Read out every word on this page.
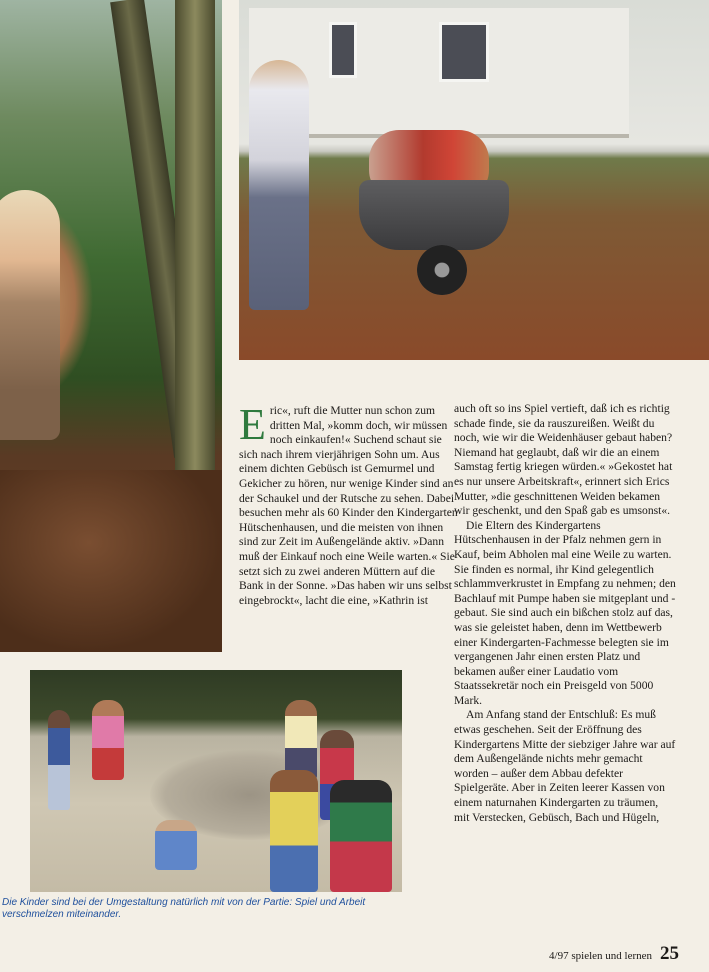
E ric«, ruft die Mutter nun schon zum dritten Mal, »komm doch, wir müssen noch einkaufen!« Suchend schaut sie sich nach ihrem vierjährigen Sohn um. Aus einem dichten Gebüsch ist Gemurmel und Gekicher zu hören, nur wenige Kinder sind an der Schaukel und der Rutsche zu sehen. Dabei besuchen mehr als 60 Kinder den Kindergarten Hütschenhausen, und die meisten von ihnen sind zur Zeit im Außengelände aktiv. »Dann muß der Einkauf noch eine Weile warten.« Sie setzt sich zu zwei anderen Müttern auf die Bank in der Sonne. »Das haben wir uns selbst eingebrockt«, lacht die eine, »Kathrin ist

auch oft so ins Spiel vertieft, daß ich es richtig schade finde, sie da rauszureißen. Weißt du noch, wie wir die Weidenhäuser gebaut haben? Niemand hat geglaubt, daß wir die an einem Samstag fertig kriegen würden.« »Gekostet hat es nur unsere Arbeitskraft«, erinnert sich Erics Mutter, »die geschnittenen Weiden bekamen wir geschenkt, und den Spaß gab es umsonst«.

Die Eltern des Kindergartens Hütschenhausen in der Pfalz nehmen gern in Kauf, beim Abholen mal eine Weile zu warten. Sie finden es normal, ihr Kind gelegentlich schlammverkrustet in Empfang zu nehmen; den Bachlauf mit Pumpe haben sie mitgeplant und -gebaut. Sie sind auch ein bißchen stolz auf das, was sie geleistet haben, denn im Wettbewerb einer Kindergarten-Fachmesse belegten sie im vergangenen Jahr einen ersten Platz und bekamen außer einer Laudatio vom Staatssekretär noch ein Preisgeld von 5000 Mark.

Am Anfang stand der Entschluß: Es muß etwas geschehen. Seit der Eröffnung des Kindergartens Mitte der siebziger Jahre war auf dem Außengelände nichts mehr gemacht worden – außer dem Abbau defekter Spielgeräte. Aber in Zeiten leerer Kassen von einem naturnahen Kindergarten zu träumen, mit Verstecken, Gebüsch, Bach und Hügeln,

Die Kinder sind bei der Umgestaltung natürlich mit von der Partie: Spiel und Arbeit verschmelzen miteinander.
4/97 spielen und lernen 25
